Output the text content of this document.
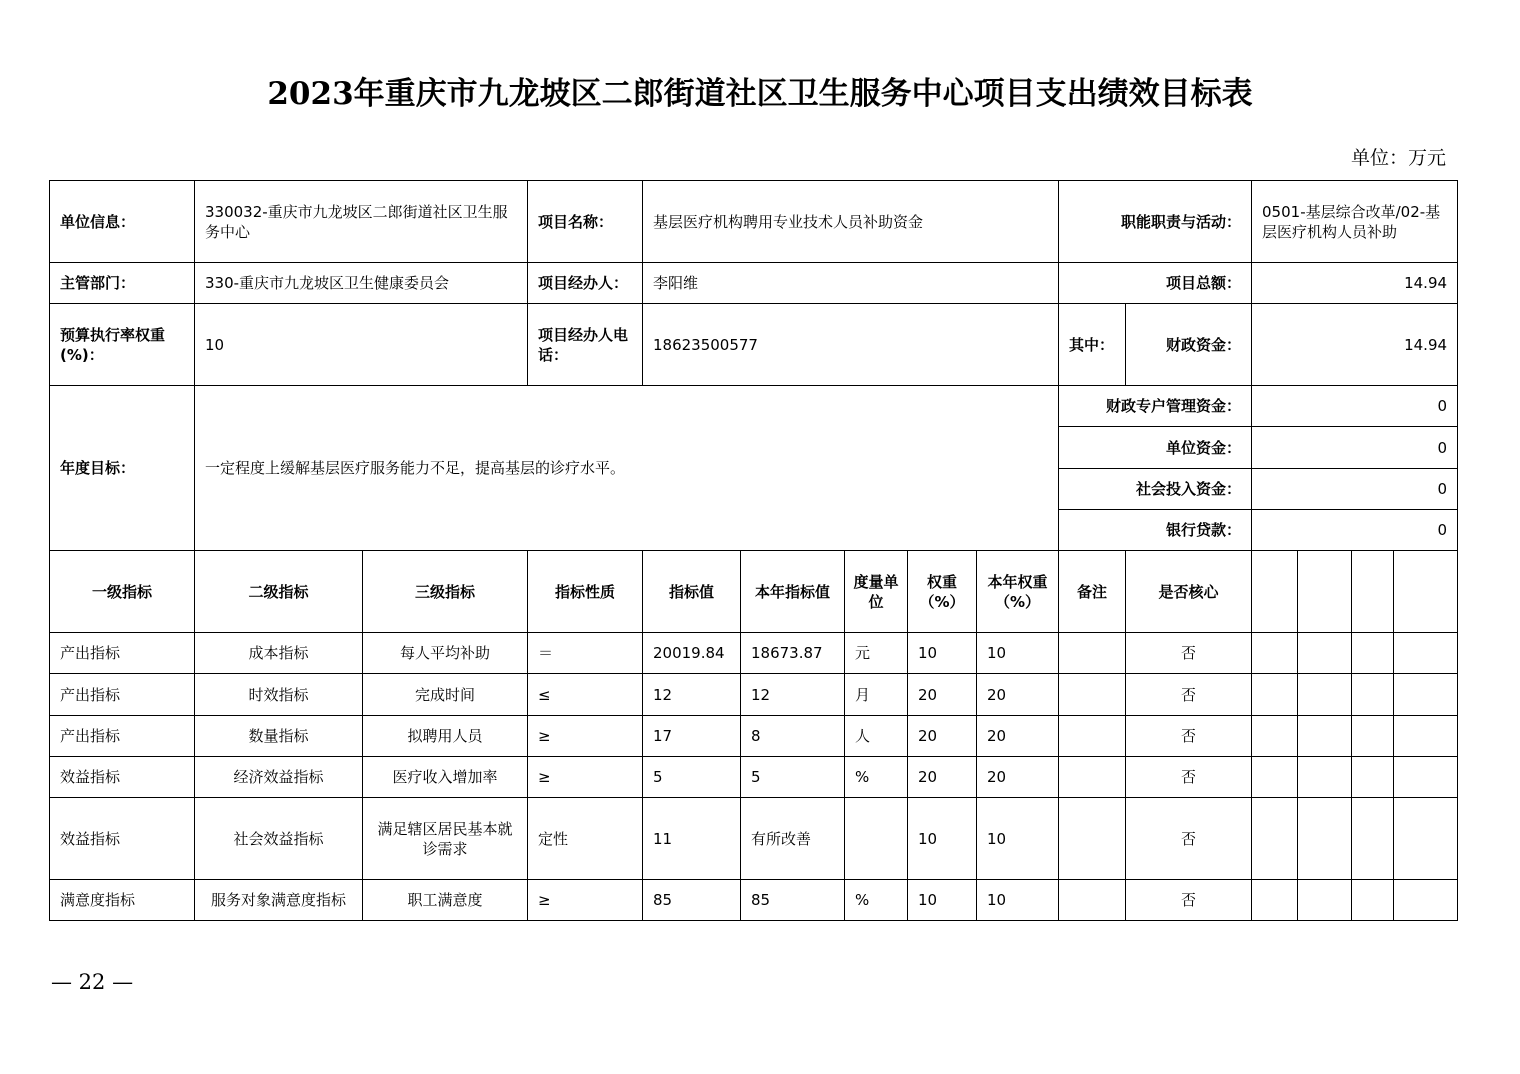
2023年重庆市九龙坡区二郎街道社区卫生服务中心项目支出绩效目标表
单位：万元
单位信息：	330032-重庆市九龙坡区二郎街道社区卫生服务中心		项目名称：	基层医疗机构聘用专业技术人员补助资金					职能职责与活动：		0501-基层综合改革/02-基层医疗机构人员补助			
主管部门：	330-重庆市九龙坡区卫生健康委员会		项目经办人：	李阳维					项目总额：		14.94			
预算执行率权重(%)：	10		项目经办人电话：	18623500577					其中：	财政资金：	14.94			
年度目标：	一定程度上缓解基层医疗服务能力不足，提高基层的诊疗水平。								财政专户管理资金：		0			
									单位资金：		0			
									社会投入资金：		0			
									银行贷款：		0			
一级指标	二级指标	三级指标	指标性质	指标值	本年指标值	度量单位	权重（%）	本年权重（%）	备注	是否核心				
产出指标	成本指标	每人平均补助	＝	20019.84	18673.87	元	10	10		否				
产出指标	时效指标	完成时间	≤	12	12	月	20	20		否				
产出指标	数量指标	拟聘用人员	≥	17	8	人	20	20		否				
效益指标	经济效益指标	医疗收入增加率	≥	5	5	%	20	20		否				
效益指标	社会效益指标	满足辖区居民基本就诊需求	定性	11	有所改善		10	10		否				
满意度指标	服务对象满意度指标	职工满意度	≥	85	85	%	10	10		否				
— 22 —
